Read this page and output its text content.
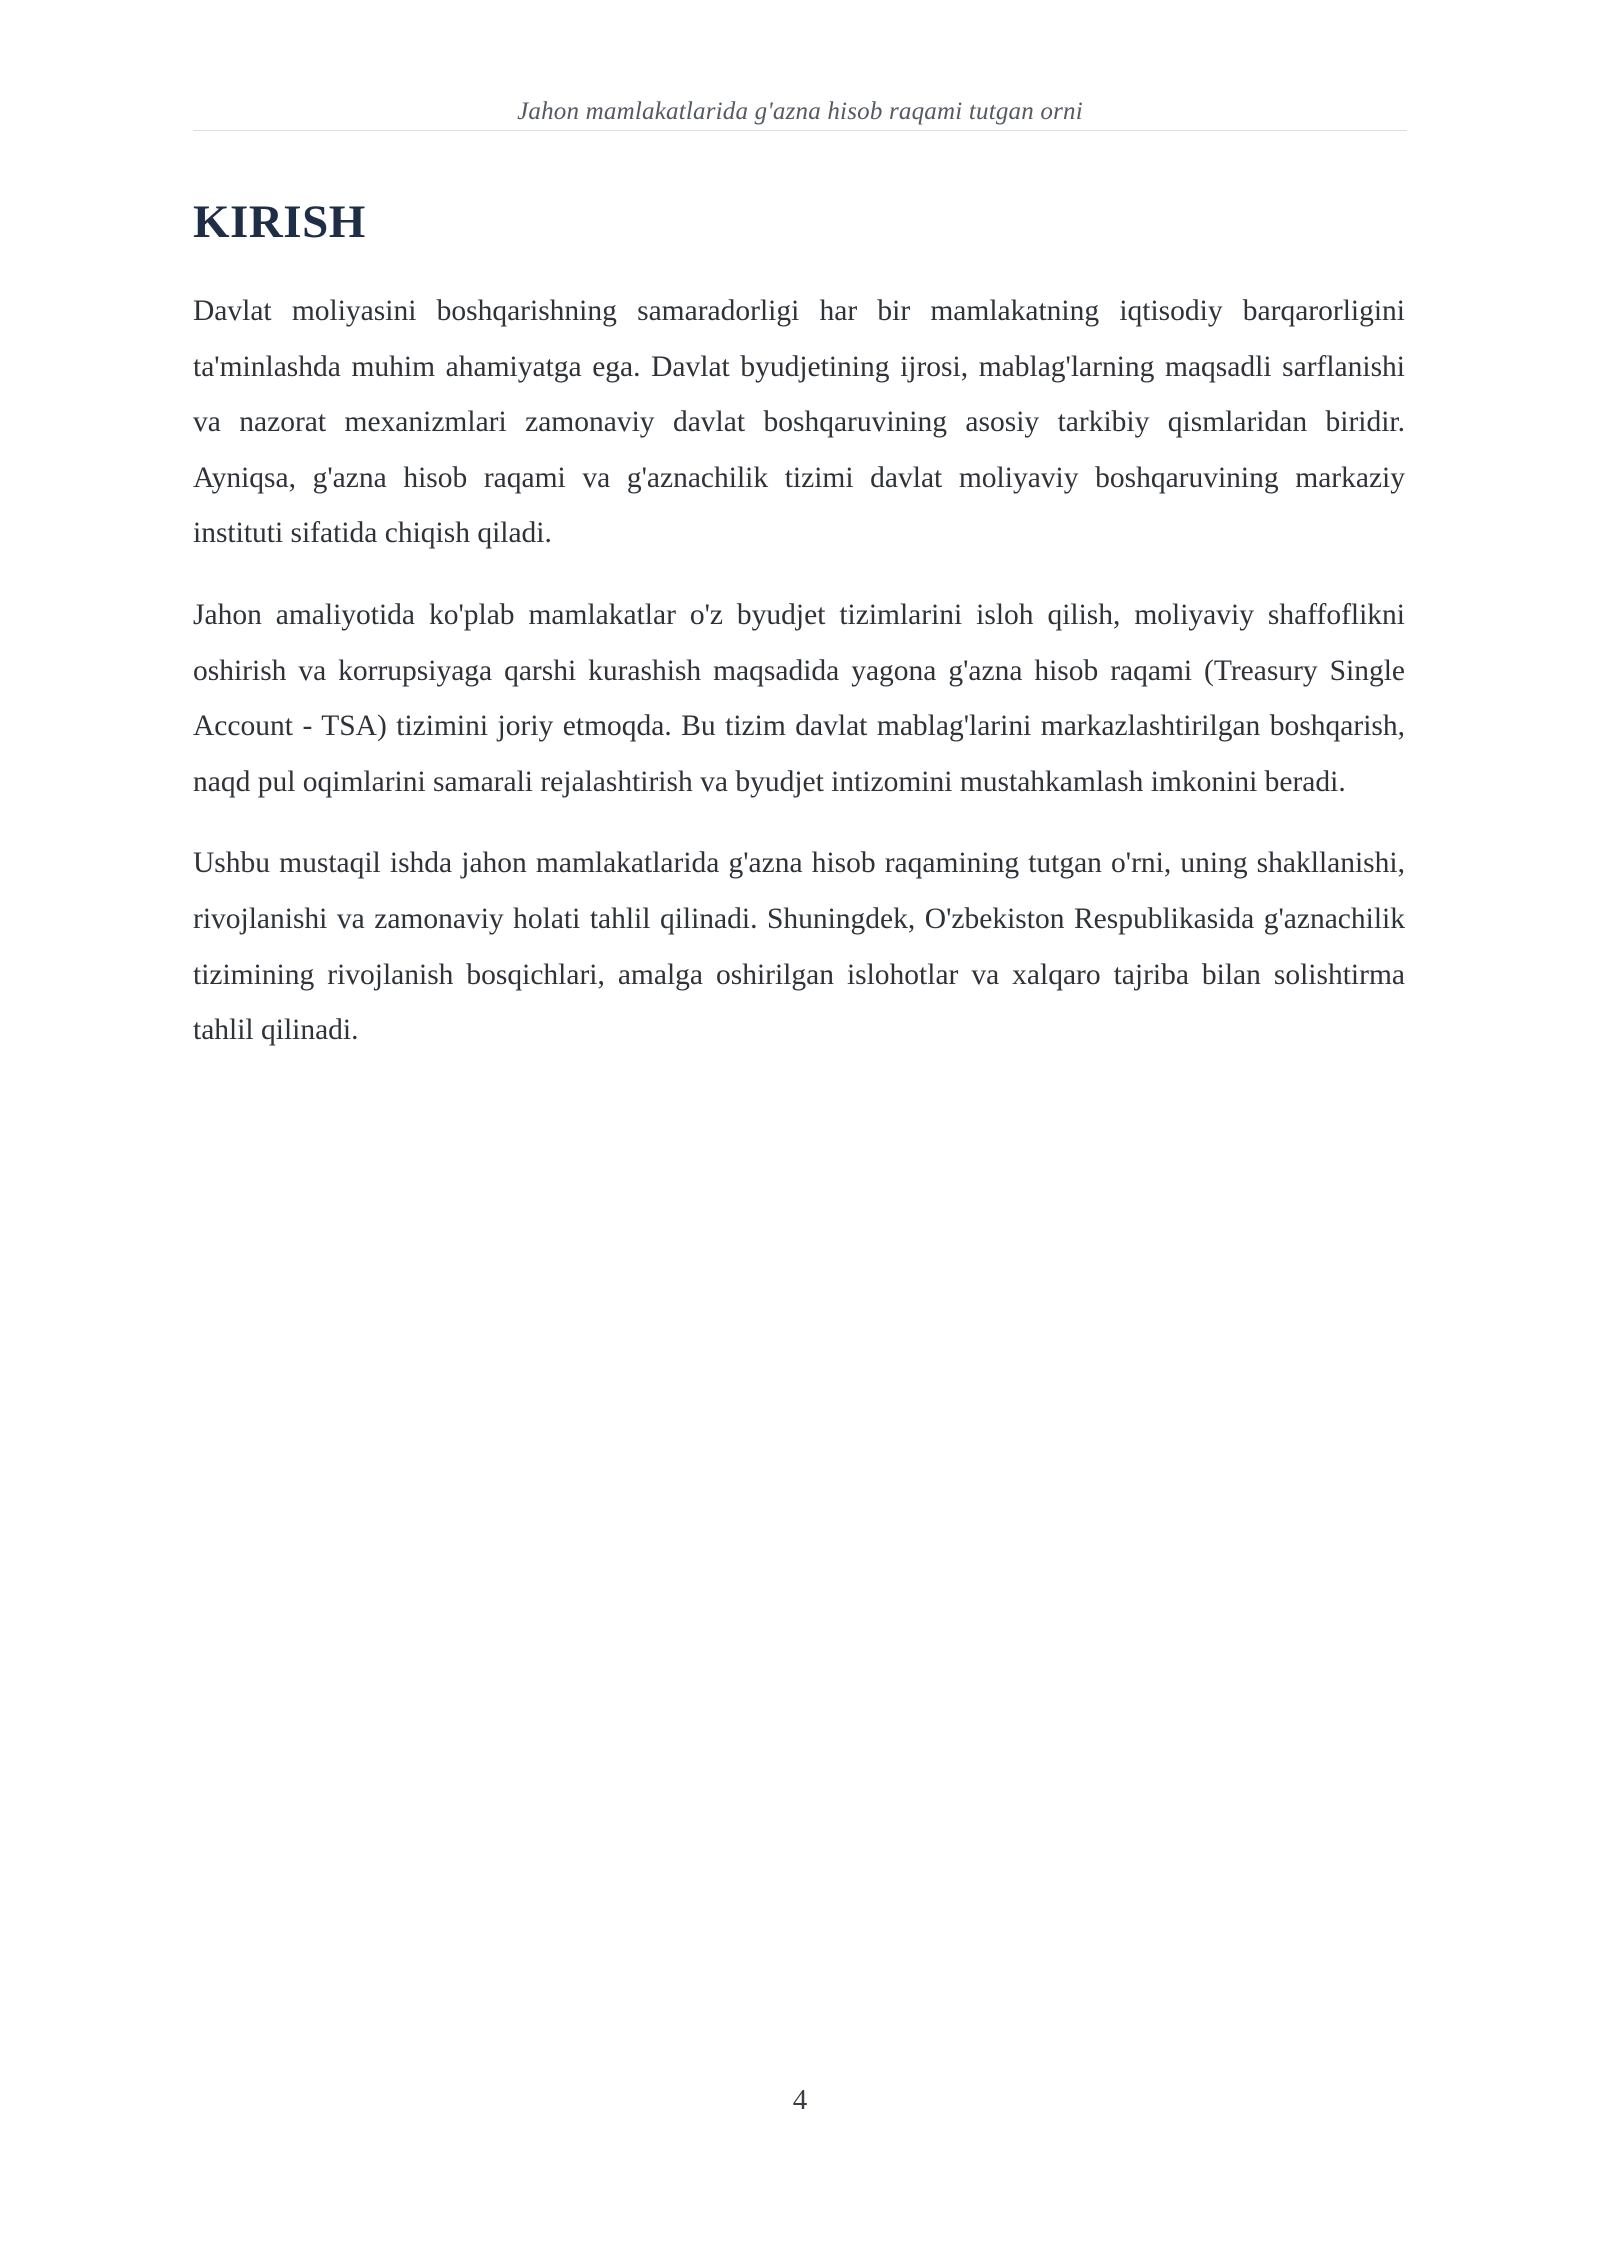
Jahon mamlakatlarida g'azna hisob raqami tutgan orni
KIRISH

Davlat moliyasini boshqarishning samaradorligi har bir mamlakatning iqtisodiy barqarorligini ta'minlashda muhim ahamiyatga ega. Davlat byudjetining ijrosi, mablag'larning maqsadli sarflanishi va nazorat mexanizmlari zamonaviy davlat boshqaruvining asosiy tarkibiy qismlaridan biridir. Ayniqsa, g'azna hisob raqami va g'aznachilik tizimi davlat moliyaviy boshqaruvining markaziy instituti sifatida chiqish qiladi.

Jahon amaliyotida ko'plab mamlakatlar o'z byudjet tizimlarini isloh qilish, moliyaviy shaffoflikni oshirish va korrupsiyaga qarshi kurashish maqsadida yagona g'azna hisob raqami (Treasury Single Account - TSA) tizimini joriy etmoqda. Bu tizim davlat mablag'larini markazlashtirilgan boshqarish, naqd pul oqimlarini samarali rejalashtirish va byudjet intizomini mustahkamlash imkonini beradi.

Ushbu mustaqil ishda jahon mamlakatlarida g'azna hisob raqamining tutgan o'rni, uning shakllanishi, rivojlanishi va zamonaviy holati tahlil qilinadi. Shuningdek, O'zbekiston Respublikasida g'aznachilik tizimining rivojlanish bosqichlari, amalga oshirilgan islohotlar va xalqaro tajriba bilan solishtirma tahlil qilinadi.

4
